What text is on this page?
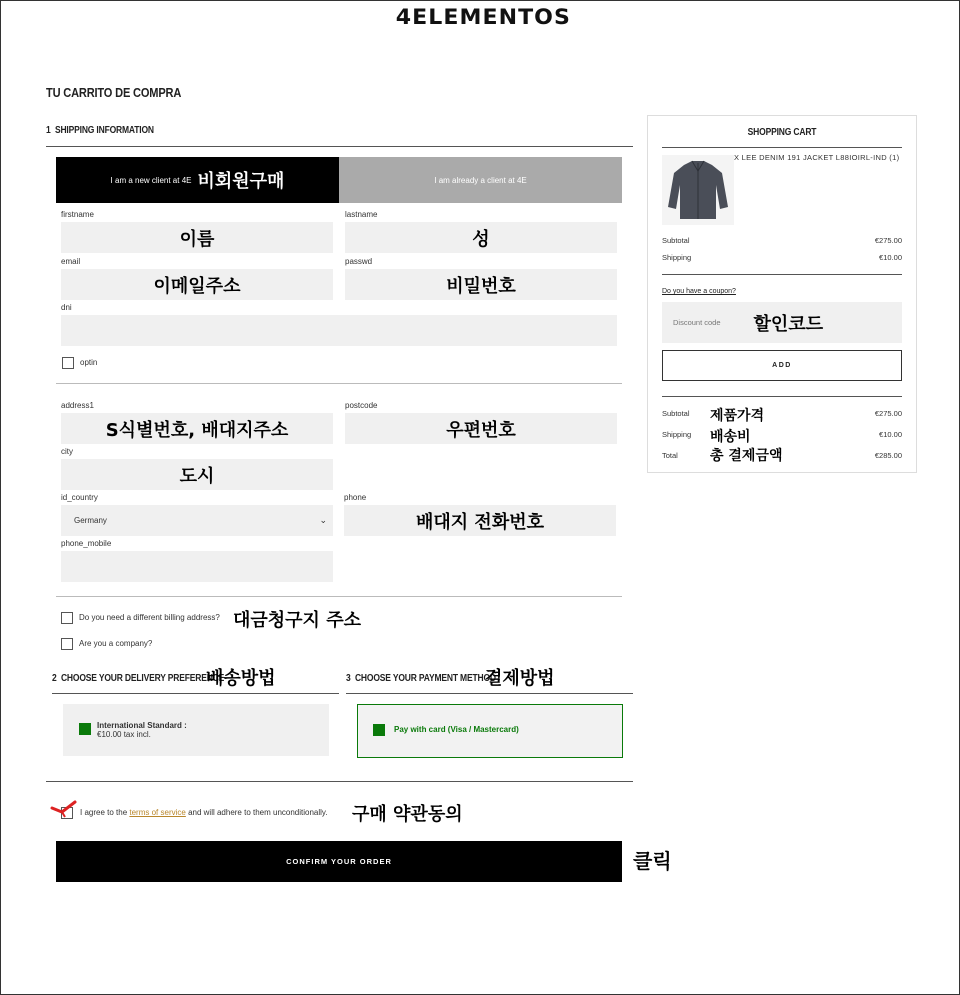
4ELEMENTOS
TU CARRITO DE COMPRA
1 SHIPPING INFORMATION
I am a new client at 4E 비회원구매	I am already a client at 4E
firstname
이름
lastname
성
email
이메일주소
passwd
비밀번호
dni
optin
address1
S식별번호, 배대지주소
postcode
우편번호
city
도시
id_country
Germany	⌄
phone
배대지 전화번호
phone_mobile
Do you need a different billing address? 대금청구지 주소
Are you a company?
2 CHOOSE YOUR DELIVERY PREFERENCE
배송방법
International Standard :
€10.00 tax incl.
3 CHOOSE YOUR PAYMENT METHOD
결제방법
Pay with card (Visa / Mastercard)
I agree to the terms of service and will adhere to them unconditionally. 구매 약관동의
CONFIRM YOUR ORDER	클릭
SHOPPING CART
X LEE DENIM 191 JACKET L88IOIRL-IND (1)
Subtotal	€275.00
Shipping	€10.00
Do you have a coupon?
Discount code 할인코드
ADD
Subtotal 제품가격	€275.00
Shipping 배송비	€10.00
Total 총 결제금액	€285.00
